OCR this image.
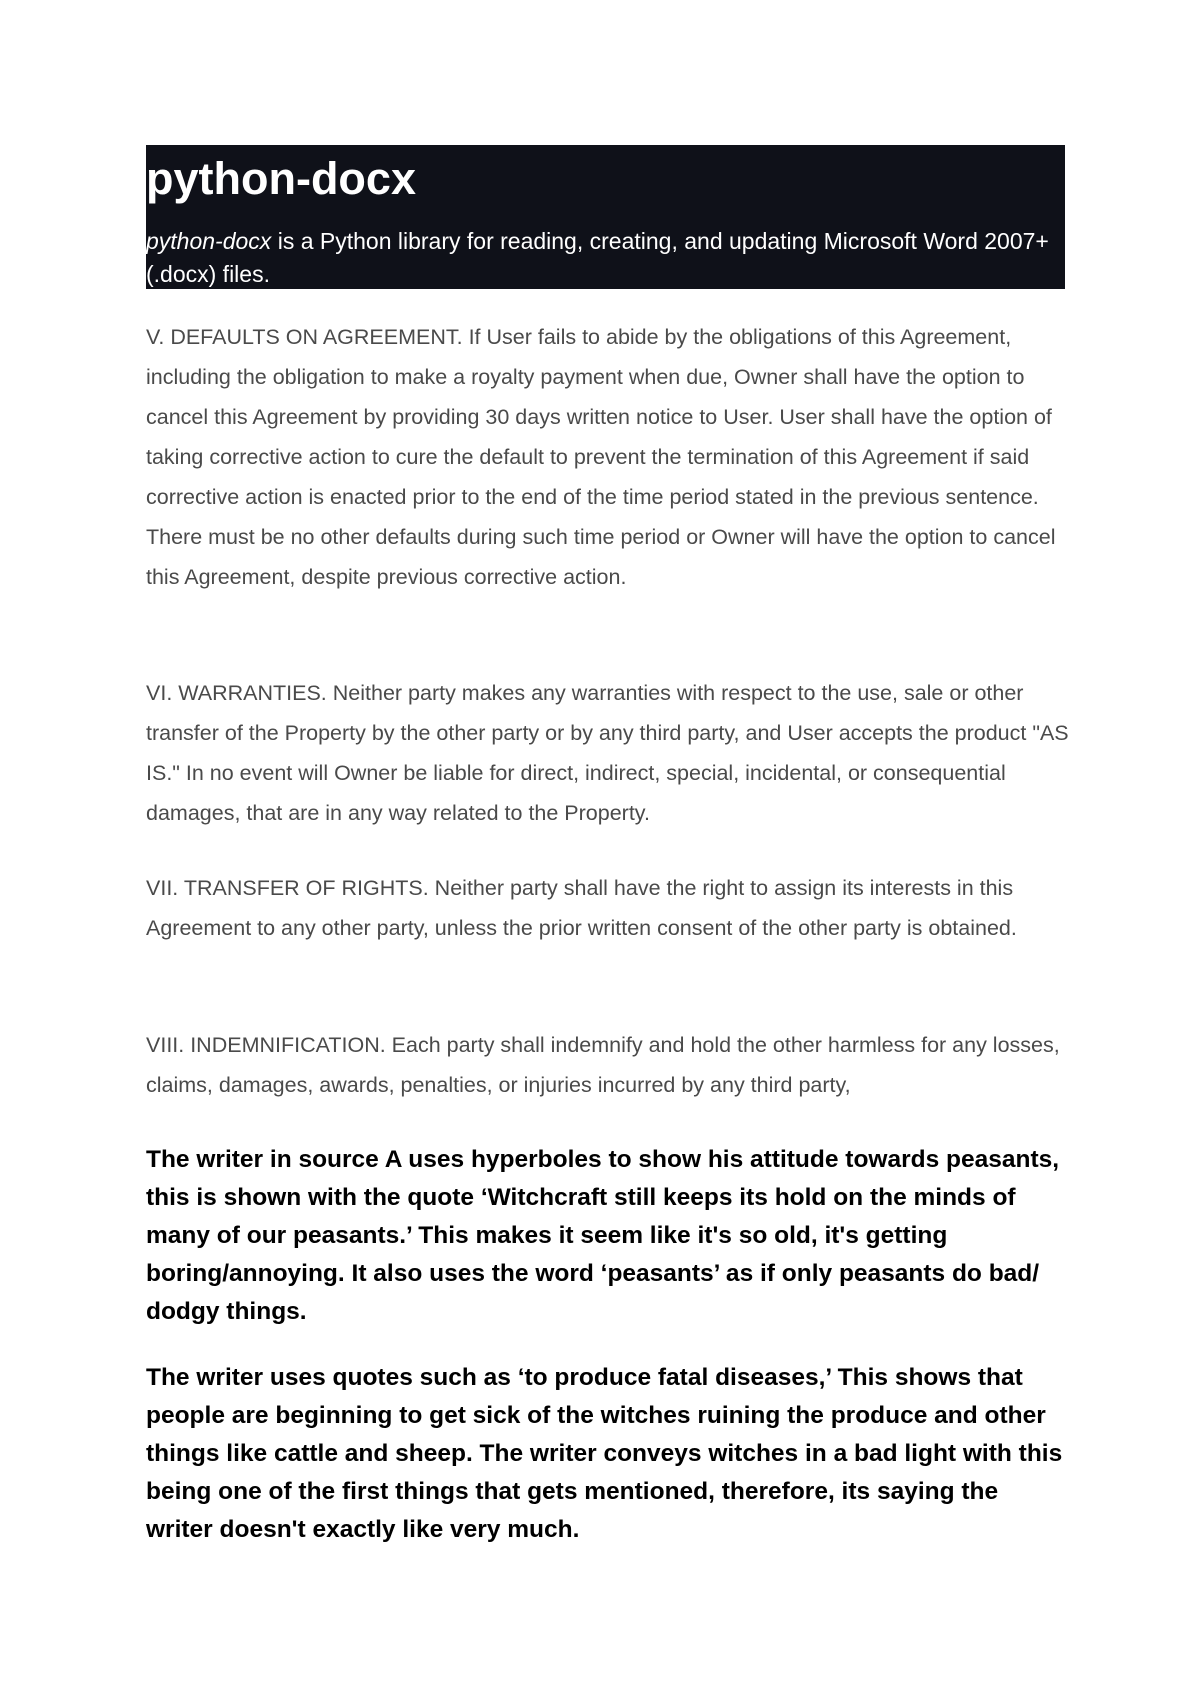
python-docx

python-docx is a Python library for reading, creating, and updating Microsoft Word 2007+ (.docx) files.

V. DEFAULTS ON AGREEMENT. If User fails to abide by the obligations of this Agreement, including the obligation to make a royalty payment when due, Owner shall have the option to cancel this Agreement by providing 30 days written notice to User. User shall have the option of taking corrective action to cure the default to prevent the termination of this Agreement if said corrective action is enacted prior to the end of the time period stated in the previous sentence. There must be no other defaults during such time period or Owner will have the option to cancel this Agreement, despite previous corrective action.

VI. WARRANTIES. Neither party makes any warranties with respect to the use, sale or other transfer of the Property by the other party or by any third party, and User accepts the product "AS IS." In no event will Owner be liable for direct, indirect, special, incidental, or consequential damages, that are in any way related to the Property.

VII. TRANSFER OF RIGHTS. Neither party shall have the right to assign its interests in this Agreement to any other party, unless the prior written consent of the other party is obtained.

VIII. INDEMNIFICATION. Each party shall indemnify and hold the other harmless for any losses, claims, damages, awards, penalties, or injuries incurred by any third party,

The writer in source A uses hyperboles to show his attitude towards peasants, this is shown with the quote ‘Witchcraft still keeps its hold on the minds of many of our peasants.’ This makes it seem like it's so old, it's getting boring/annoying. It also uses the word ‘peasants’ as if only peasants do bad/ dodgy things.

The writer uses quotes such as ‘to produce fatal diseases,’ This shows that people are beginning to get sick of the witches ruining the produce and other things like cattle and sheep. The writer conveys witches in a bad light with this being one of the first things that gets mentioned, therefore, its saying the writer doesn't exactly like very much.
